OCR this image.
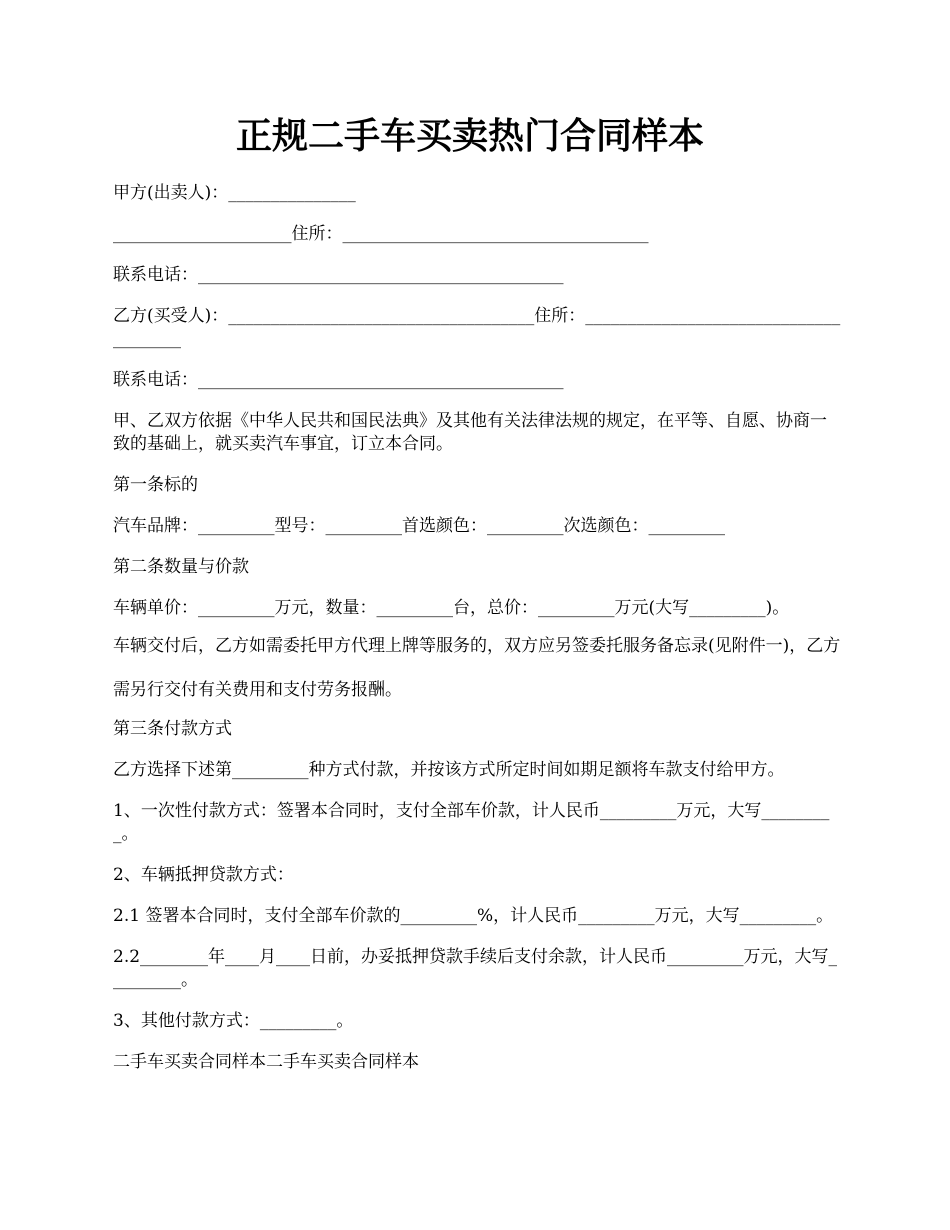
正规二手车买卖热门合同样本
甲方(出卖人)：_______________
_____________________住所：____________________________________
联系电话：___________________________________________
乙方(买受人)：____________________________________住所：______________________________________
联系电话：___________________________________________
甲、乙双方依据《中华人民共和国民法典》及其他有关法律法规的规定，在平等、自愿、协商一致的基础上，就买卖汽车事宜，订立本合同。
第一条标的
汽车品牌：_________型号：_________首选颜色：_________次选颜色：_________
第二条数量与价款
车辆单价：_________万元，数量：_________台，总价：_________万元(大写_________)。
车辆交付后，乙方如需委托甲方代理上牌等服务的，双方应另签委托服务备忘录(见附件一)，乙方需另行交付有关费用和支付劳务报酬。
第三条付款方式
乙方选择下述第_________种方式付款，并按该方式所定时间如期足额将车款支付给甲方。
1、一次性付款方式：签署本合同时，支付全部车价款，计人民币_________万元，大写_________。
2、车辆抵押贷款方式：
2.1 签署本合同时，支付全部车价款的_________%，计人民币_________万元，大写_________。
2.2________年____月____日前，办妥抵押贷款手续后支付余款，计人民币_________万元，大写_________。
3、其他付款方式：_________。
二手车买卖合同样本二手车买卖合同样本
